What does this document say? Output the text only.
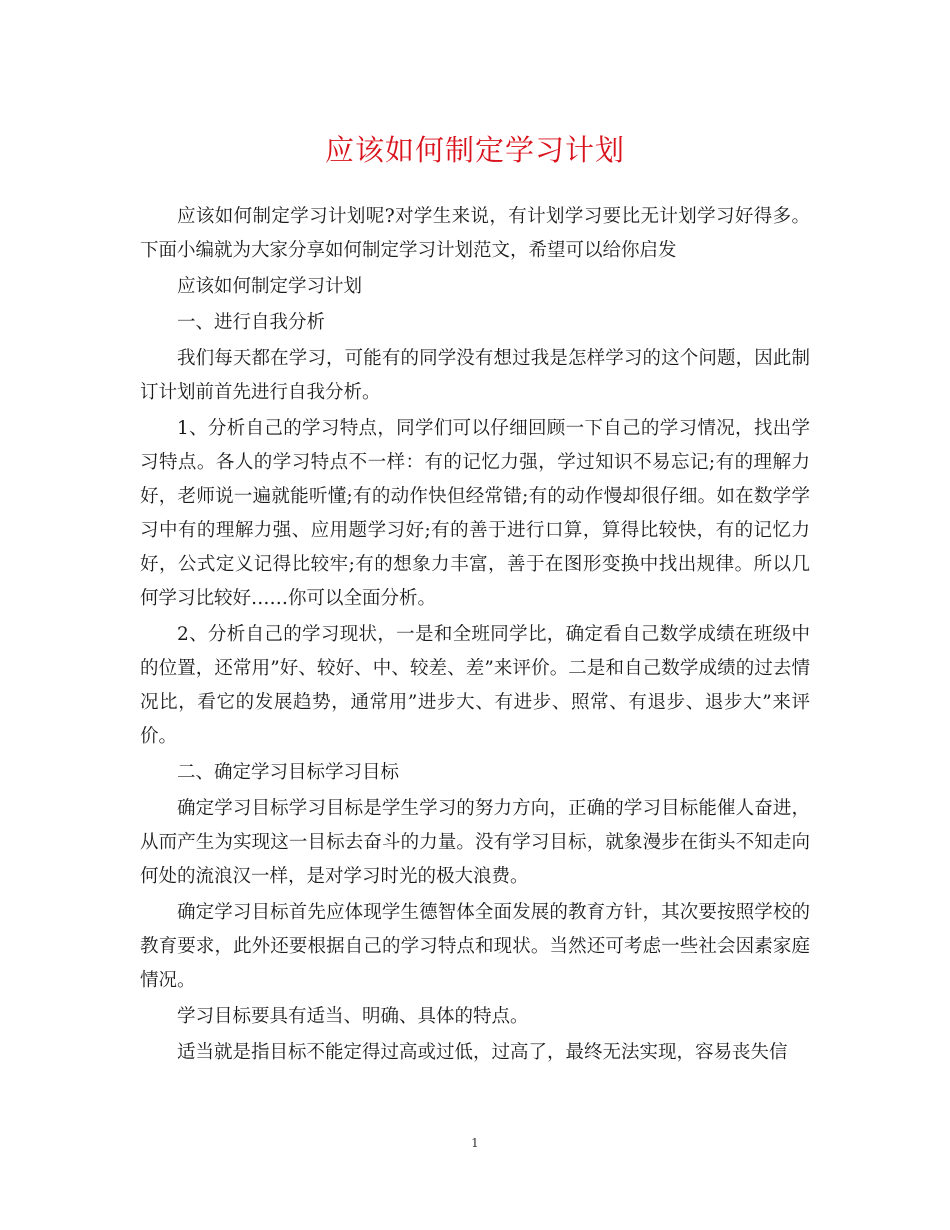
应该如何制定学习计划

应该如何制定学习计划呢?对学生来说，有计划学习要比无计划学习好得多。下面小编就为大家分享如何制定学习计划范文，希望可以给你启发

应该如何制定学习计划

一、进行自我分析

我们每天都在学习，可能有的同学没有想过我是怎样学习的这个问题，因此制订计划前首先进行自我分析。

1、分析自己的学习特点，同学们可以仔细回顾一下自己的学习情况，找出学习特点。各人的学习特点不一样：有的记忆力强，学过知识不易忘记;有的理解力好，老师说一遍就能听懂;有的动作快但经常错;有的动作慢却很仔细。如在数学学习中有的理解力强、应用题学习好;有的善于进行口算，算得比较快，有的记忆力好，公式定义记得比较牢;有的想象力丰富，善于在图形变换中找出规律。所以几何学习比较好……你可以全面分析。

2、分析自己的学习现状，一是和全班同学比，确定看自己数学成绩在班级中的位置，还常用”好、较好、中、较差、差”来评价。二是和自己数学成绩的过去情况比，看它的发展趋势，通常用”进步大、有进步、照常、有退步、退步大”来评价。

二、确定学习目标学习目标

确定学习目标学习目标是学生学习的努力方向，正确的学习目标能催人奋进，从而产生为实现这一目标去奋斗的力量。没有学习目标，就象漫步在街头不知走向何处的流浪汉一样，是对学习时光的极大浪费。

确定学习目标首先应体现学生德智体全面发展的教育方针，其次要按照学校的教育要求，此外还要根据自己的学习特点和现状。当然还可考虑一些社会因素家庭情况。

学习目标要具有适当、明确、具体的特点。

适当就是指目标不能定得过高或过低，过高了，最终无法实现，容易丧失信

1
